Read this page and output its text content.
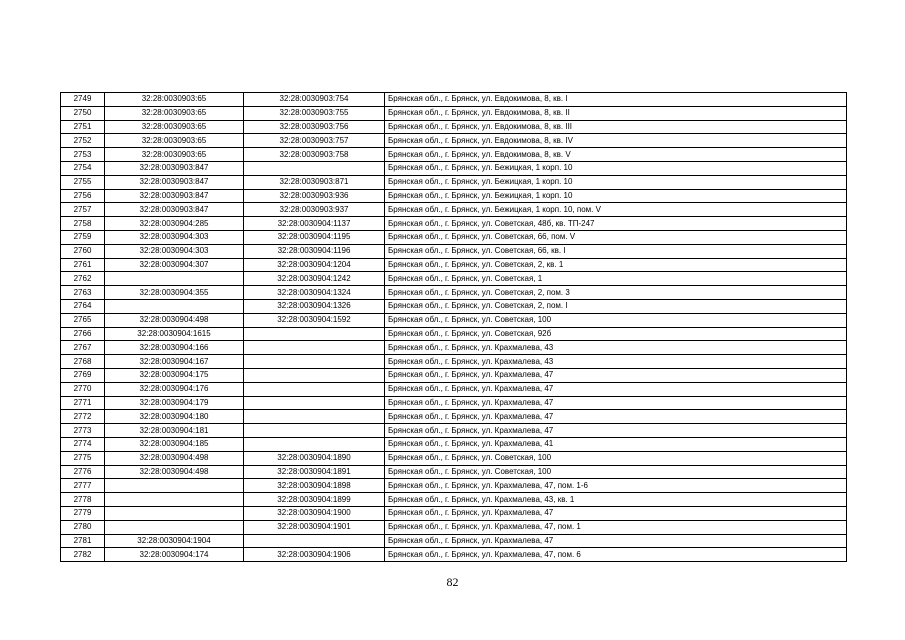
2749	32:28:0030903:65	32:28:0030903:754	Брянская обл., г. Брянск, ул. Евдокимова, 8, кв. I
2750	32:28:0030903:65	32:28:0030903:755	Брянская обл., г. Брянск, ул. Евдокимова, 8, кв. II
2751	32:28:0030903:65	32:28:0030903:756	Брянская обл., г. Брянск, ул. Евдокимова, 8, кв. III
2752	32:28:0030903:65	32:28:0030903:757	Брянская обл., г. Брянск, ул. Евдокимова, 8, кв. IV
2753	32:28:0030903:65	32:28:0030903:758	Брянская обл., г. Брянск, ул. Евдокимова, 8, кв. V
2754	32:28:0030903:847		Брянская обл., г. Брянск, ул. Бежицкая, 1 корп. 10
2755	32:28:0030903:847	32:28:0030903:871	Брянская обл., г. Брянск, ул. Бежицкая, 1 корп. 10
2756	32:28:0030903:847	32:28:0030903:936	Брянская обл., г. Брянск, ул. Бежицкая, 1 корп. 10
2757	32:28:0030903:847	32:28:0030903:937	Брянская обл., г. Брянск, ул. Бежицкая, 1 корп. 10, пом. V
2758	32:28:0030904:285	32:28:0030904:1137	Брянская обл., г. Брянск, ул. Советская, 48б, кв. ТП-247
2759	32:28:0030904:303	32:28:0030904:1195	Брянская обл., г. Брянск, ул. Советская, 66, пом. V
2760	32:28:0030904:303	32:28:0030904:1196	Брянская обл., г. Брянск, ул. Советская, 66, кв. I
2761	32:28:0030904:307	32:28:0030904:1204	Брянская обл., г. Брянск, ул. Советская, 2, кв. 1
2762		32:28:0030904:1242	Брянская обл., г. Брянск, ул. Советская, 1
2763	32:28:0030904:355	32:28:0030904:1324	Брянская обл., г. Брянск, ул. Советская, 2, пом. 3
2764		32:28:0030904:1326	Брянская обл., г. Брянск, ул. Советская, 2, пом. I
2765	32:28:0030904:498	32:28:0030904:1592	Брянская обл., г. Брянск, ул. Советская, 100
2766	32:28:0030904:1615		Брянская обл., г. Брянск, ул. Советская, 92б
2767	32:28:0030904:166		Брянская обл., г. Брянск, ул. Крахмалева, 43
2768	32:28:0030904:167		Брянская обл., г. Брянск, ул. Крахмалева, 43
2769	32:28:0030904:175		Брянская обл., г. Брянск, ул. Крахмалева, 47
2770	32:28:0030904:176		Брянская обл., г. Брянск, ул. Крахмалева, 47
2771	32:28:0030904:179		Брянская обл., г. Брянск, ул. Крахмалева, 47
2772	32:28:0030904:180		Брянская обл., г. Брянск, ул. Крахмалева, 47
2773	32:28:0030904:181		Брянская обл., г. Брянск, ул. Крахмалева, 47
2774	32:28:0030904:185		Брянская обл., г. Брянск, ул. Крахмалева, 41
2775	32:28:0030904:498	32:28:0030904:1890	Брянская обл., г. Брянск, ул. Советская, 100
2776	32:28:0030904:498	32:28:0030904:1891	Брянская обл., г. Брянск, ул. Советская, 100
2777		32:28:0030904:1898	Брянская обл., г. Брянск, ул. Крахмалева, 47, пом. 1-6
2778		32:28:0030904:1899	Брянская обл., г. Брянск, ул. Крахмалева, 43, кв. 1
2779		32:28:0030904:1900	Брянская обл., г. Брянск, ул. Крахмалева, 47
2780		32:28:0030904:1901	Брянская обл., г. Брянск, ул. Крахмалева, 47, пом. 1
2781	32:28:0030904:1904		Брянская обл., г. Брянск, ул. Крахмалева, 47
2782	32:28:0030904:174	32:28:0030904:1906	Брянская обл., г. Брянск, ул. Крахмалева, 47, пом. 6
82
